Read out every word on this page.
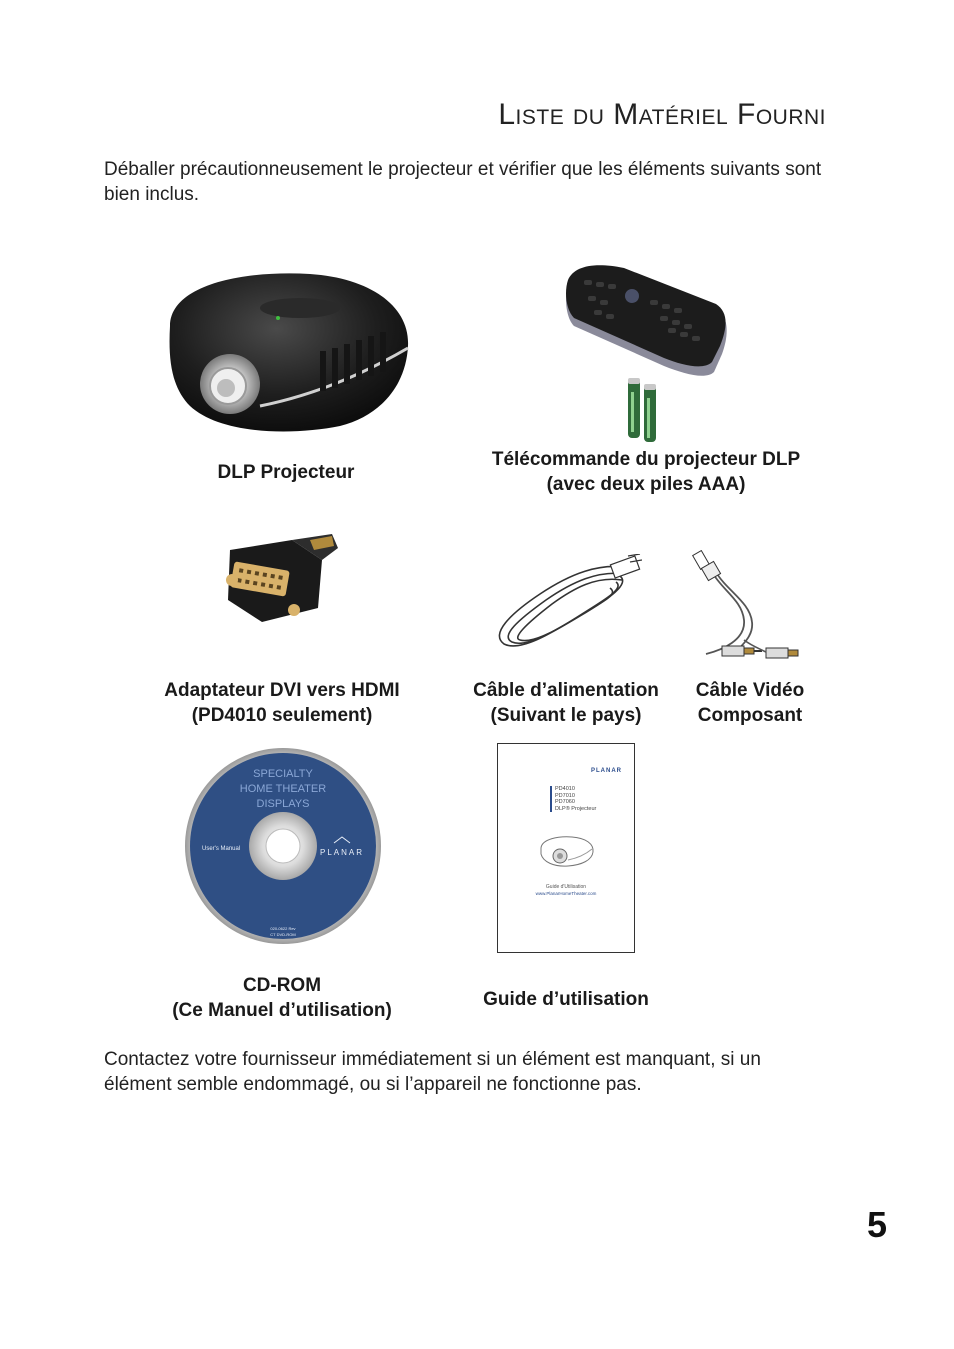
Liste du Matériel Fourni
Déballer précautionneusement le projecteur et vérifier que les éléments suivants sont bien inclus.
DLP Projecteur
Télécommande du projecteur DLP
(avec deux piles AAA)
Adaptateur DVI vers HDMI
(PD4010 seulement)
Câble d’alimentation
(Suivant le pays)
Câble Vidéo
Composant
SPECIALTY
HOME THEATER
DISPLAYS
User's Manual	PLANAR
020-0622 Rev
CT DVD-ROM
CD-ROM
(Ce Manuel d’utilisation)
PLANAR
PD4010
PD7010
PD7060
DLP® Projecteur
Guide d'Utilisation
www.PlanarHomeTheater.com
Guide d’utilisation
Contactez votre fournisseur immédiatement si un élément est manquant, si un élément semble endommagé, ou si l’appareil ne fonctionne pas.
5
